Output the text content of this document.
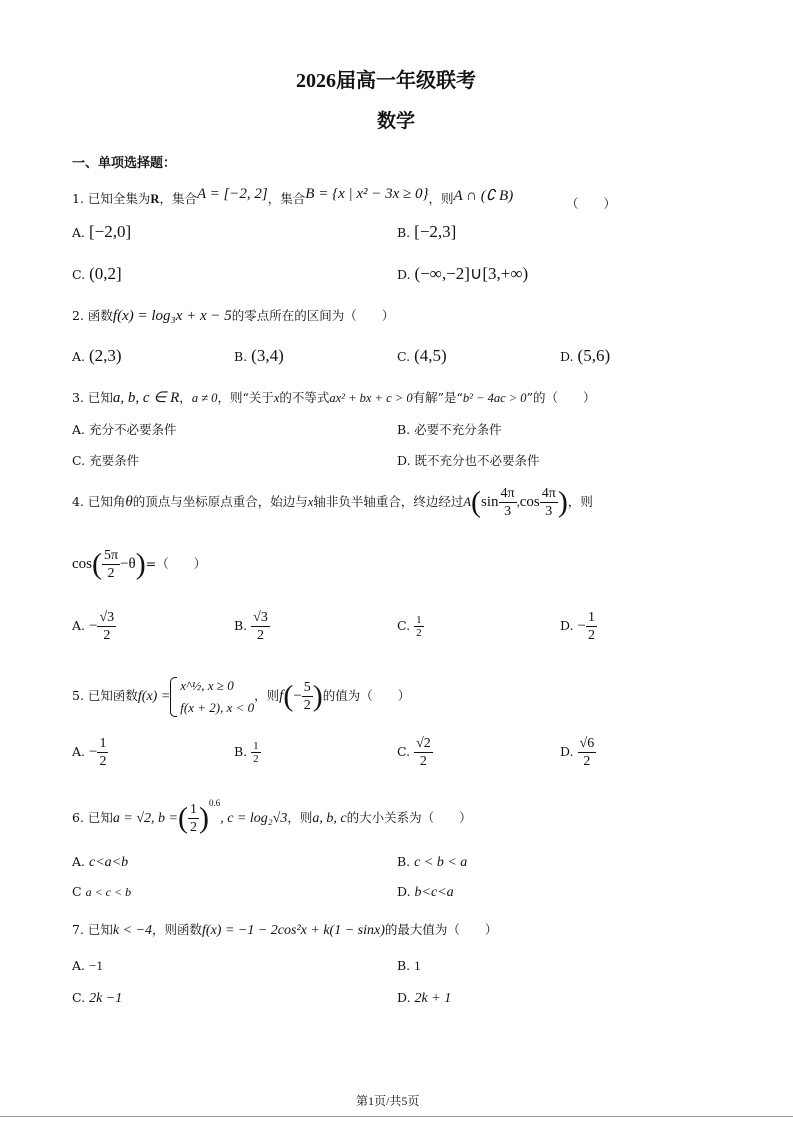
2026届高一年级联考
数学
一、单项选择题：
1. 已知全集为R，集合A = [−2, 2]，集合B = {x | x² − 3x ≥ 0}，则A ∩ (∁ B)	（　　）
A. [−2,0]	B. [−2,3]
C. (0,2]	D. (−∞,−2]∪[3,+∞)
2. 函数f(x) = log₃x + x − 5的零点所在的区间为（　　）
A. (2,3)	B. (3,4)	C. (4,5)	D. (5,6)
3. 已知a, b, c ∈ R，a ≠ 0，则“关于x的不等式ax² + bx + c > 0有解”是“b² − 4ac > 0”的（　　）
A. 充分不必要条件	B. 必要不充分条件
C. 充要条件	D. 既不充分也不必要条件
4. 已知角θ的顶点与坐标原点重合，始边与x轴非负半轴重合，终边经过$A(\sin \frac{4\pi}{3} ,\cos \frac{4\pi}{3}$ )，则
$\cos( \frac{5\pi}{2} -\theta)=$（　　）
A. − $\frac{√3}{2}$	B. $\frac{√3}{2}$	C. $\frac{1}{2}$	D. − $\frac{1}{2}$
5. 已知函数f(x) =
x^½, x ≥ 0
f(x + 2), x < 0
，则$f(- \frac{5}{2}$ )的值为（　　）
A. − $\frac{1}{2}$	B. $\frac{1}{2}$	C. $\frac{√2}{2}$	D. $\frac{√6}{2}$
6. 已知a = √2, b =( $\frac{1}{2} )^{0.6}$, c = log₂√3，则a, b, c的大小关系为（　　）
A. c<a<b	B. c < b < a
C a < c < b	D. b<c<a
7. 已知k < −4，则函数f(x) = −1 − 2cos²x + k(1 − sinx)的最大值为（　　）
A. −1	B. 1
C. 2k −1	D. 2k + 1
第1页/共5页
